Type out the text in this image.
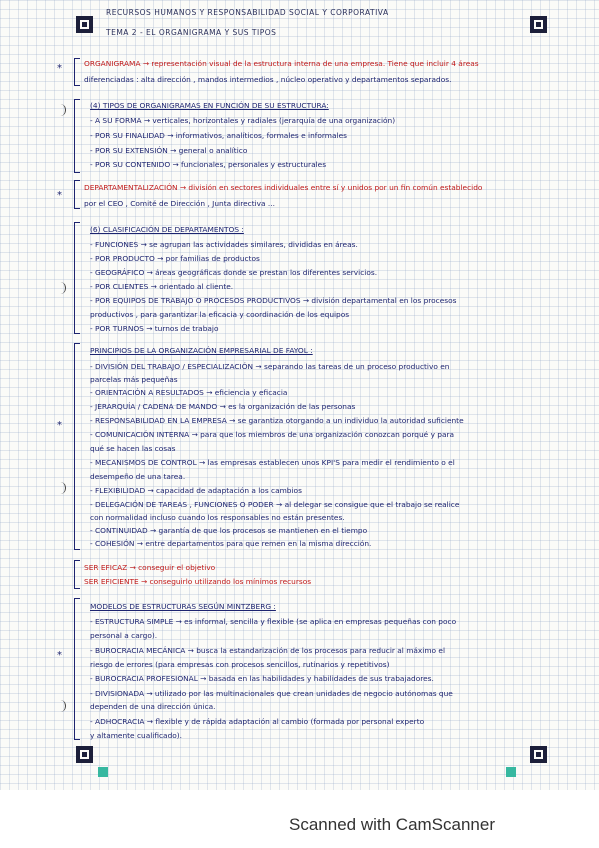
RECURSOS HUMANOS Y RESPONSABILIDAD SOCIAL Y CORPORATIVA
TEMA 2 - EL ORGANIGRAMA Y SUS TIPOS
*
*
*
*
ORGANIGRAMA → representación visual de la estructura interna de una empresa. Tiene que incluir 4 áreas
diferenciadas : alta dirección , mandos intermedios , núcleo operativo y departamentos separados.
(4) TIPOS DE ORGANIGRAMAS EN FUNCIÓN DE SU ESTRUCTURA:
- A SU FORMA → verticales, horizontales y radiales (jerarquía de una organización)
- POR SU FINALIDAD → informativos, analíticos, formales e informales
- POR SU EXTENSIÓN → general o analítico
- POR SU CONTENIDO → funcionales, personales y estructurales
DEPARTAMENTALIZACIÓN → división en sectores individuales entre sí y unidos por un fin común establecido
por el CEO , Comité de Dirección , Junta directiva ...
(6) CLASIFICACIÓN DE DEPARTAMENTOS :
- FUNCIONES → se agrupan las actividades similares, divididas en áreas.
- POR PRODUCTO → por familias de productos
- GEOGRÁFICO → áreas geográficas donde se prestan los diferentes servicios.
- POR CLIENTES → orientado al cliente.
- POR EQUIPOS DE TRABAJO O PROCESOS PRODUCTIVOS → división departamental en los procesos
productivos , para garantizar la eficacia y coordinación de los equipos
- POR TURNOS → turnos de trabajo
PRINCIPIOS DE LA ORGANIZACIÓN EMPRESARIAL DE FAYOL :
- DIVISIÓN DEL TRABAJO / ESPECIALIZACIÓN → separando las tareas de un proceso productivo en
parcelas más pequeñas
- ORIENTACIÓN A RESULTADOS → eficiencia y eficacia
- JERARQUÍA / CADENA DE MANDO → es la organización de las personas
- RESPONSABILIDAD EN LA EMPRESA → se garantiza otorgando a un individuo la autoridad suficiente
- COMUNICACIÓN INTERNA → para que los miembros de una organización conozcan porqué y para
qué se hacen las cosas
- MECANISMOS DE CONTROL → las empresas establecen unos KPI'S para medir el rendimiento o el
desempeño de una tarea.
- FLEXIBILIDAD → capacidad de adaptación a los cambios
- DELEGACIÓN DE TAREAS , FUNCIONES O PODER → al delegar se consigue que el trabajo se realice
con normalidad incluso cuando los responsables no están presentes.
- CONTINUIDAD → garantía de que los procesos se mantienen en el tiempo
- COHESIÓN → entre departamentos para que remen en la misma dirección.
SER EFICAZ → conseguir el objetivo
SER EFICIENTE → conseguirlo utilizando los mínimos recursos
MODELOS DE ESTRUCTURAS SEGÚN MINTZBERG :
- ESTRUCTURA SIMPLE → es informal, sencilla y flexible (se aplica en empresas pequeñas con poco
personal a cargo).
- BUROCRACIA MECÁNICA → busca la estandarización de los procesos para reducir al máximo el
riesgo de errores (para empresas con procesos sencillos, rutinarios y repetitivos)
- BUROCRACIA PROFESIONAL → basada en las habilidades y habilidades de sus trabajadores.
- DIVISIONADA → utilizado por las multinacionales que crean unidades de negocio autónomas que
dependen de una dirección única.
- ADHOCRACIA → flexible y de rápida adaptación al cambio (formada por personal experto
y altamente cualificado).
Scanned with CamScanner
